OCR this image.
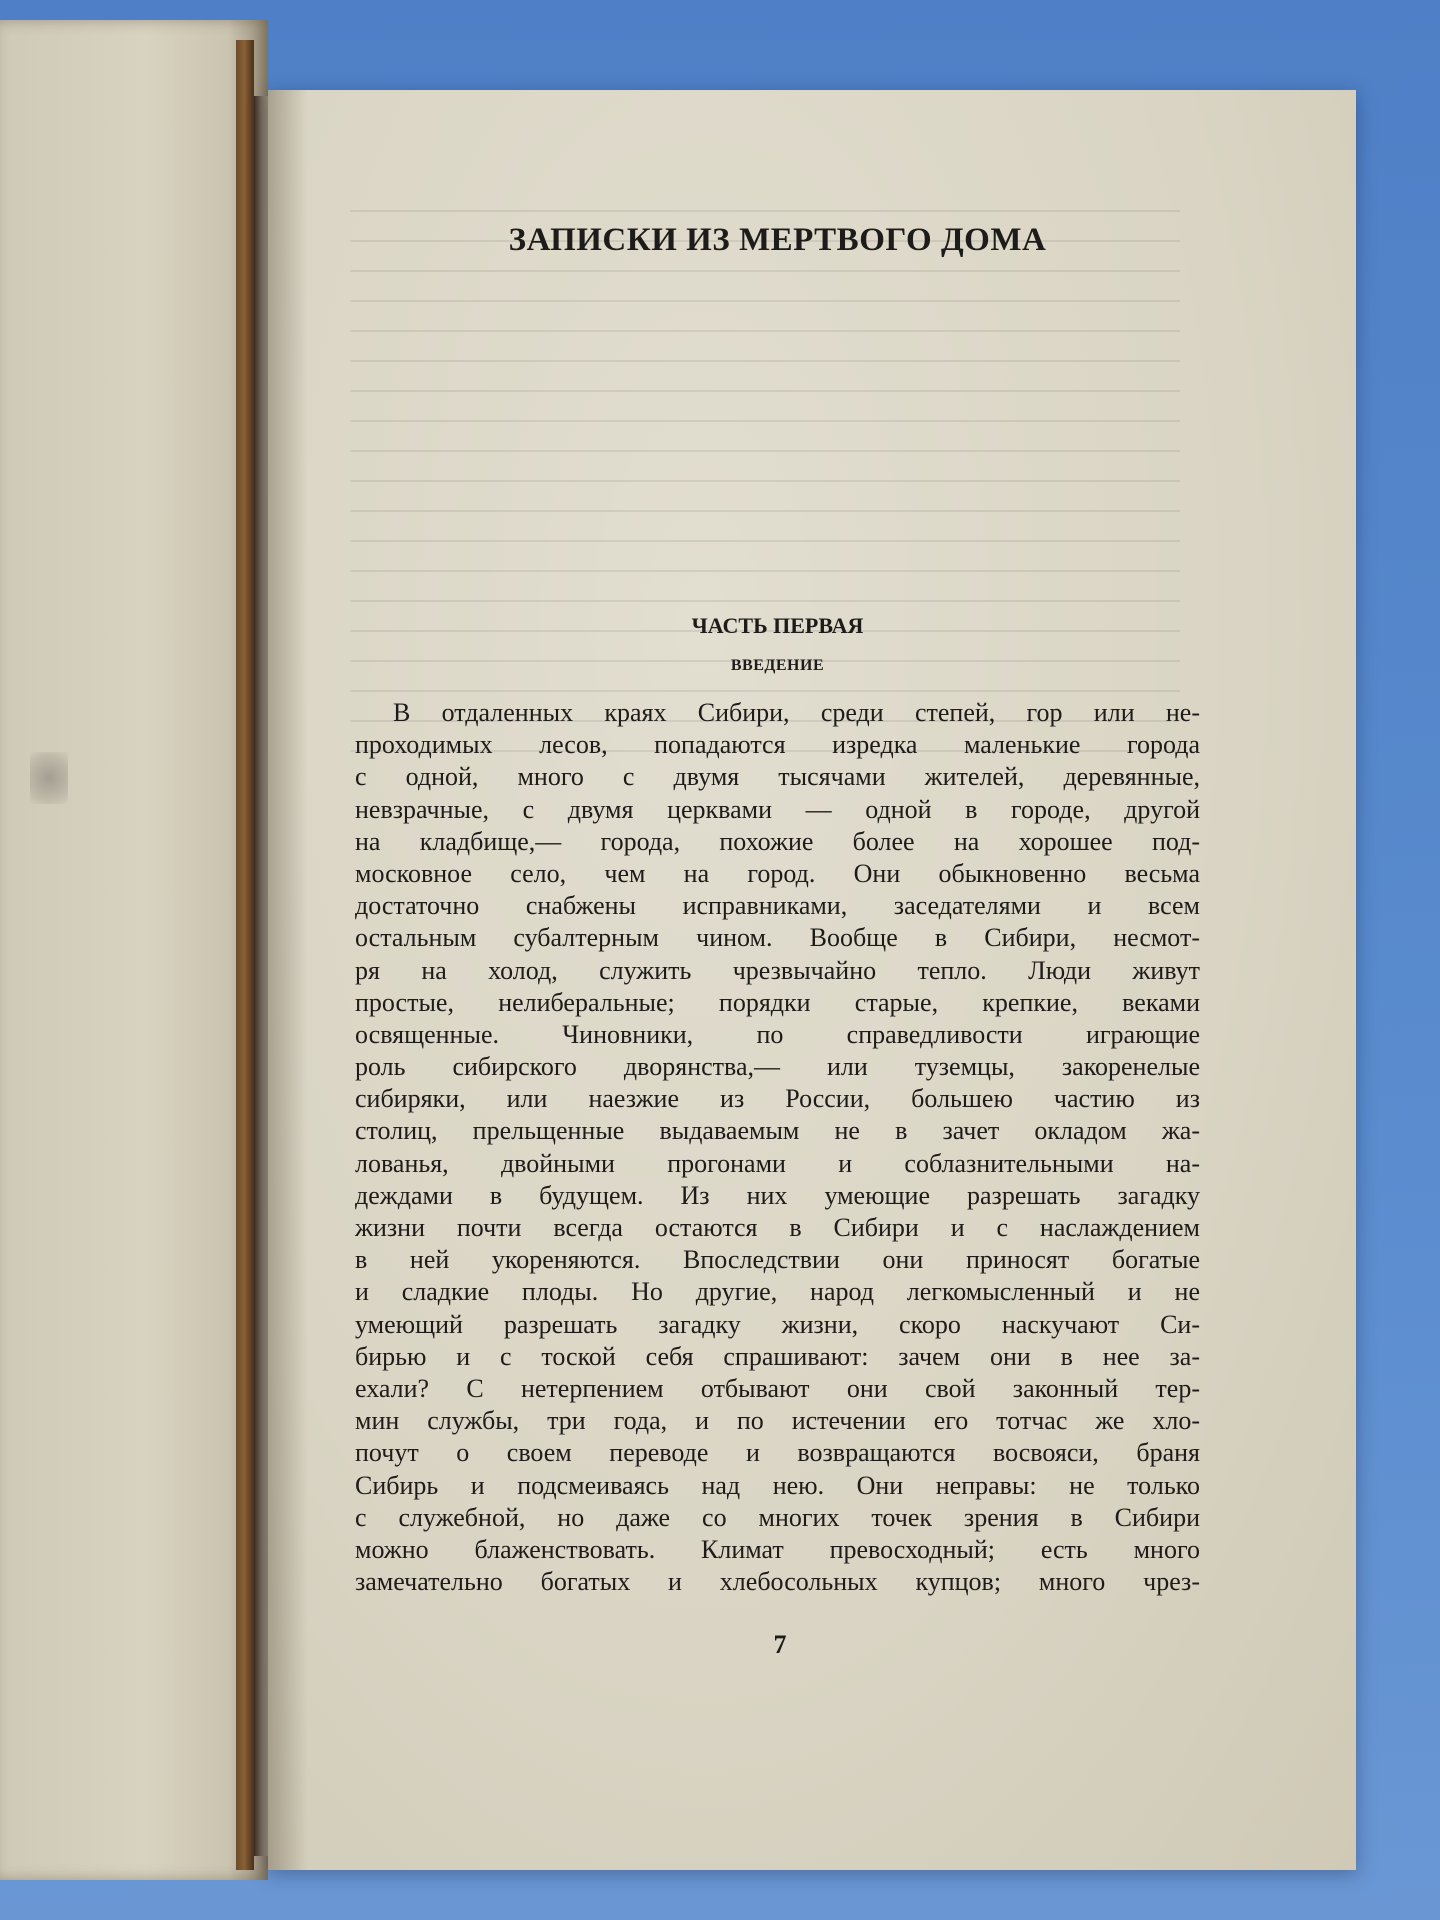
ЗАПИСКИ ИЗ МЕРТВОГО ДОМА
ЧАСТЬ ПЕРВАЯ
ВВЕДЕНИЕ
В отдаленных краях Сибири, среди степей, гор или не-
проходимых лесов, попадаются изредка маленькие города
с одной, много с двумя тысячами жителей, деревянные,
невзрачные, с двумя церквами — одной в городе, другой
на кладбище,— города, похожие более на хорошее под-
московное село, чем на город. Они обыкновенно весьма
достаточно снабжены исправниками, заседателями и всем
остальным субалтерным чином. Вообще в Сибири, несмот-
ря на холод, служить чрезвычайно тепло. Люди живут
простые, нелиберальные; порядки старые, крепкие, веками
освященные. Чиновники, по справедливости играющие
роль сибирского дворянства,— или туземцы, закоренелые
сибиряки, или наезжие из России, большею частию из
столиц, прельщенные выдаваемым не в зачет окладом жа-
лованья, двойными прогонами и соблазнительными на-
деждами в будущем. Из них умеющие разрешать загадку
жизни почти всегда остаются в Сибири и с наслаждением
в ней укореняются. Впоследствии они приносят богатые
и сладкие плоды. Но другие, народ легкомысленный и не
умеющий разрешать загадку жизни, скоро наскучают Си-
бирью и с тоской себя спрашивают: зачем они в нее за-
ехали? С нетерпением отбывают они свой законный тер-
мин службы, три года, и по истечении его тотчас же хло-
почут о своем переводе и возвращаются восвояси, браня
Сибирь и подсмеиваясь над нею. Они неправы: не только
с служебной, но даже со многих точек зрения в Сибири
можно блаженствовать. Климат превосходный; есть много
замечательно богатых и хлебосольных купцов; много чрез-
7
